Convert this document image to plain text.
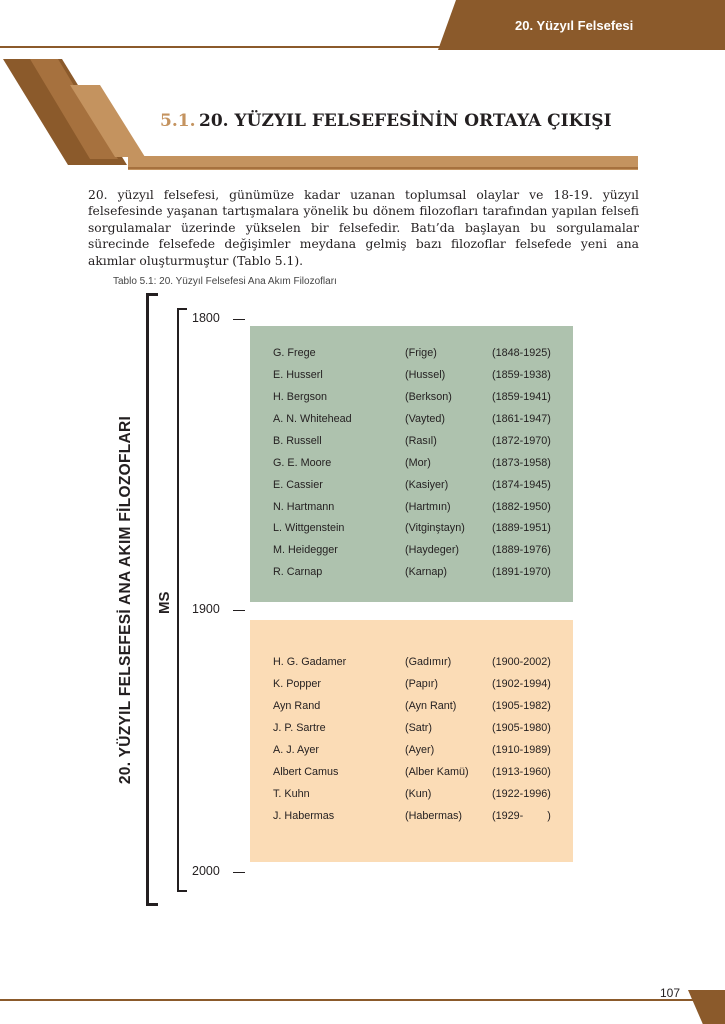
20. Yüzyıl Felsefesi
5.1. 20. YÜZYIL FELSEFESİNİN ORTAYA ÇIKIŞI

20. yüzyıl felsefesi, günümüze kadar uzanan toplumsal olaylar ve 18-19. yüzyıl felsefesinde yaşanan tartışmalara yönelik bu dönem filozofları tarafından yapılan felsefi sorgulamalar üzerinde yükselen bir felsefedir. Batı’da başlayan bu sorgulamalar sürecinde felsefede değişimler meydana gelmiş bazı filozoflar felsefede yeni ana akımlar oluşturmuştur (Tablo 5.1).

Tablo 5.1: 20. Yüzyıl Felsefesi Ana Akım Filozofları
20. YÜZYIL FELSEFESİ ANA AKIM FİLOZOFLARI MS
1800
1900
2000
G. Frege	(Frige)	(1848-1925)
E. Husserl	(Hussel)	(1859-1938)
H. Bergson	(Berkson)	(1859-1941)
A. N. Whitehead	(Vayted)	(1861-1947)
B. Russell	(Rasıl)	(1872-1970)
G. E. Moore	(Mor)	(1873-1958)
E. Cassier	(Kasiyer)	(1874-1945)
N. Hartmann	(Hartmın)	(1882-1950)
L. Wittgenstein	(Vitginştayn)	(1889-1951)
M. Heidegger	(Haydeger)	(1889-1976)
R. Carnap	(Karnap)	(1891-1970)
H. G. Gadamer	(Gadımır)	(1900-2002)
K. Popper	(Papır)	(1902-1994)
Ayn Rand	(Ayn Rant)	(1905-1982)
J. P. Sartre	(Satr)	(1905-1980)
A. J. Ayer	(Ayer)	(1910-1989)
Albert Camus	(Alber Kamü) (1913-1960)
T. Kuhn	(Kun)	(1922-1996)
J. Habermas	(Habermas)	(1929-        )
107
